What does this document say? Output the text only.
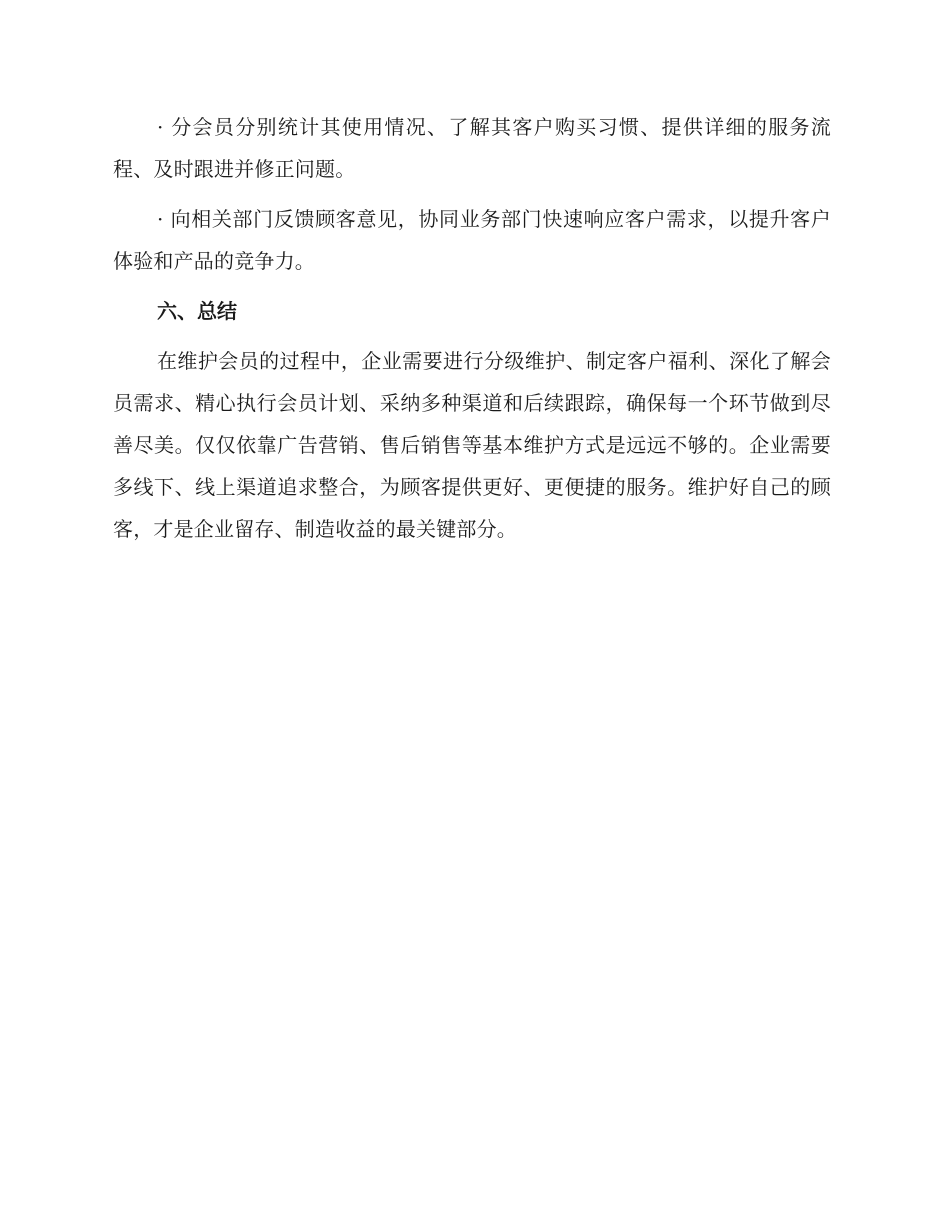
· 分会员分别统计其使用情况、了解其客户购买习惯、提供详细的服务流程、及时跟进并修正问题。

· 向相关部门反馈顾客意见，协同业务部门快速响应客户需求，以提升客户体验和产品的竞争力。

六、总结

在维护会员的过程中，企业需要进行分级维护、制定客户福利、深化了解会员需求、精心执行会员计划、采纳多种渠道和后续跟踪，确保每一个环节做到尽善尽美。仅仅依靠广告营销、售后销售等基本维护方式是远远不够的。企业需要多线下、线上渠道追求整合，为顾客提供更好、更便捷的服务。维护好自己的顾客，才是企业留存、制造收益的最关键部分。
